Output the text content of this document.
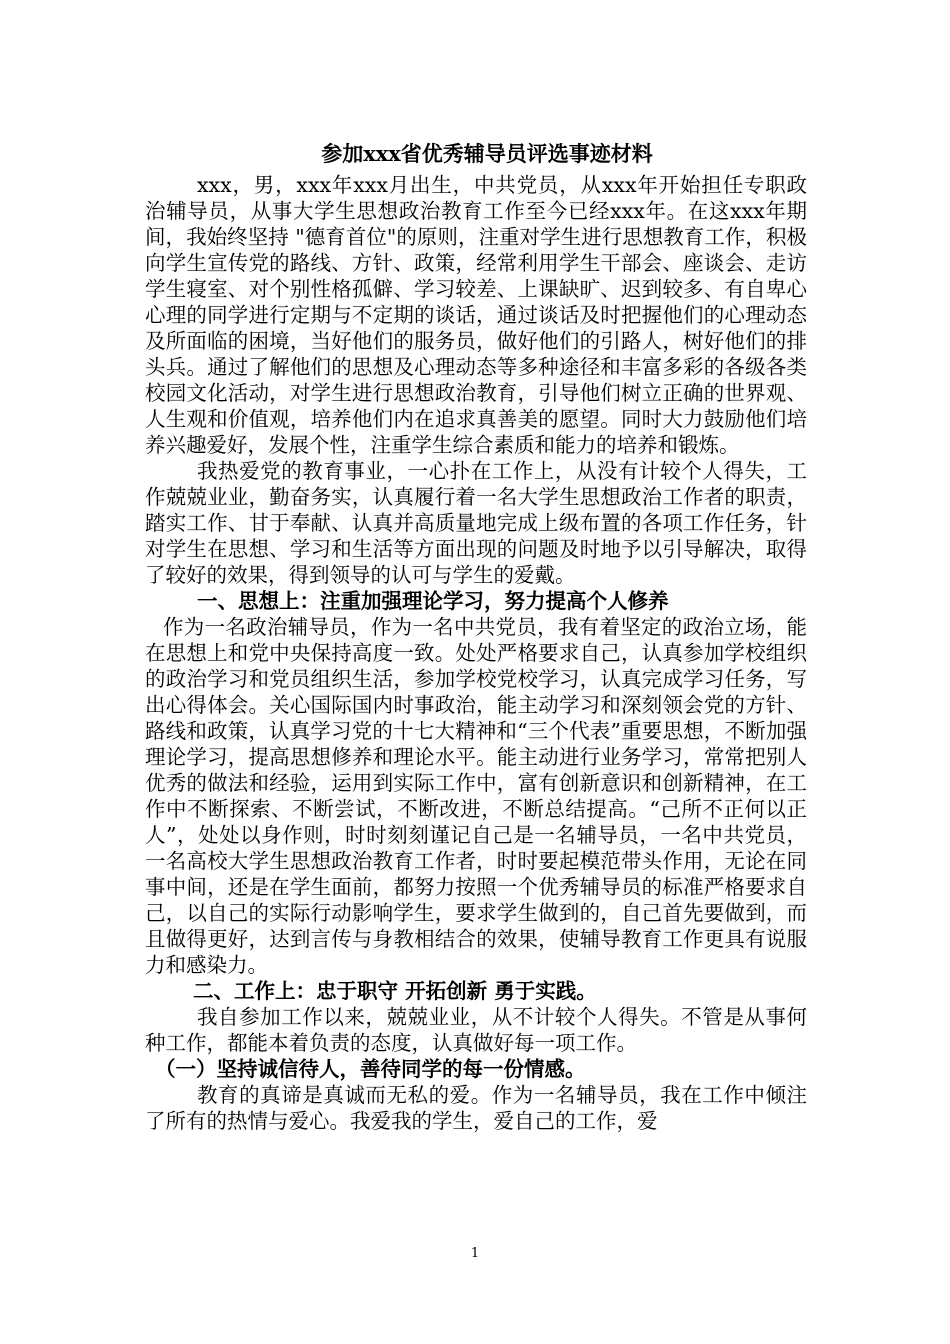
参加xxx省优秀辅导员评选事迹材料

xxx，男，xxx年xxx月出生，中共党员，从xxx年开始担任专职政治辅导员，从事大学生思想政治教育工作至今已经xxx年。在这xxx年期间，我始终坚持 "德育首位"的原则，注重对学生进行思想教育工作，积极向学生宣传党的路线、方针、政策，经常利用学生干部会、座谈会、走访学生寝室、对个别性格孤僻、学习较差、上课缺旷、迟到较多、有自卑心心理的同学进行定期与不定期的谈话，通过谈话及时把握他们的心理动态及所面临的困境，当好他们的服务员，做好他们的引路人，树好他们的排头兵。通过了解他们的思想及心理动态等多种途径和丰富多彩的各级各类校园文化活动，对学生进行思想政治教育，引导他们树立正确的世界观、人生观和价值观，培养他们内在追求真善美的愿望。同时大力鼓励他们培养兴趣爱好，发展个性，注重学生综合素质和能力的培养和锻炼。

我热爱党的教育事业，一心扑在工作上，从没有计较个人得失，工作兢兢业业，勤奋务实，认真履行着一名大学生思想政治工作者的职责，踏实工作、甘于奉献、认真并高质量地完成上级布置的各项工作任务，针对学生在思想、学习和生活等方面出现的问题及时地予以引导解决，取得了较好的效果，得到领导的认可与学生的爱戴。

一、思想上：注重加强理论学习，努力提高个人修养

作为一名政治辅导员，作为一名中共党员，我有着坚定的政治立场，能在思想上和党中央保持高度一致。处处严格要求自己，认真参加学校组织的政治学习和党员组织生活，参加学校党校学习，认真完成学习任务，写出心得体会。关心国际国内时事政治，能主动学习和深刻领会党的方针、路线和政策，认真学习党的十七大精神和“三个代表”重要思想，不断加强理论学习，提高思想修养和理论水平。能主动进行业务学习，常常把别人优秀的做法和经验，运用到实际工作中，富有创新意识和创新精神，在工作中不断探索、不断尝试，不断改进，不断总结提高。“己所不正何以正人”，处处以身作则，时时刻刻谨记自己是一名辅导员，一名中共党员，一名高校大学生思想政治教育工作者，时时要起模范带头作用，无论在同事中间，还是在学生面前，都努力按照一个优秀辅导员的标准严格要求自己，以自己的实际行动影响学生，要求学生做到的，自己首先要做到，而且做得更好，达到言传与身教相结合的效果，使辅导教育工作更具有说服力和感染力。

二、工作上：忠于职守 开拓创新 勇于实践。

我自参加工作以来，兢兢业业，从不计较个人得失。不管是从事何种工作，都能本着负责的态度，认真做好每一项工作。

（一）坚持诚信待人，善待同学的每一份情感。

教育的真谛是真诚而无私的爱。作为一名辅导员，我在工作中倾注了所有的热情与爱心。我爱我的学生，爱自己的工作，爱

1
